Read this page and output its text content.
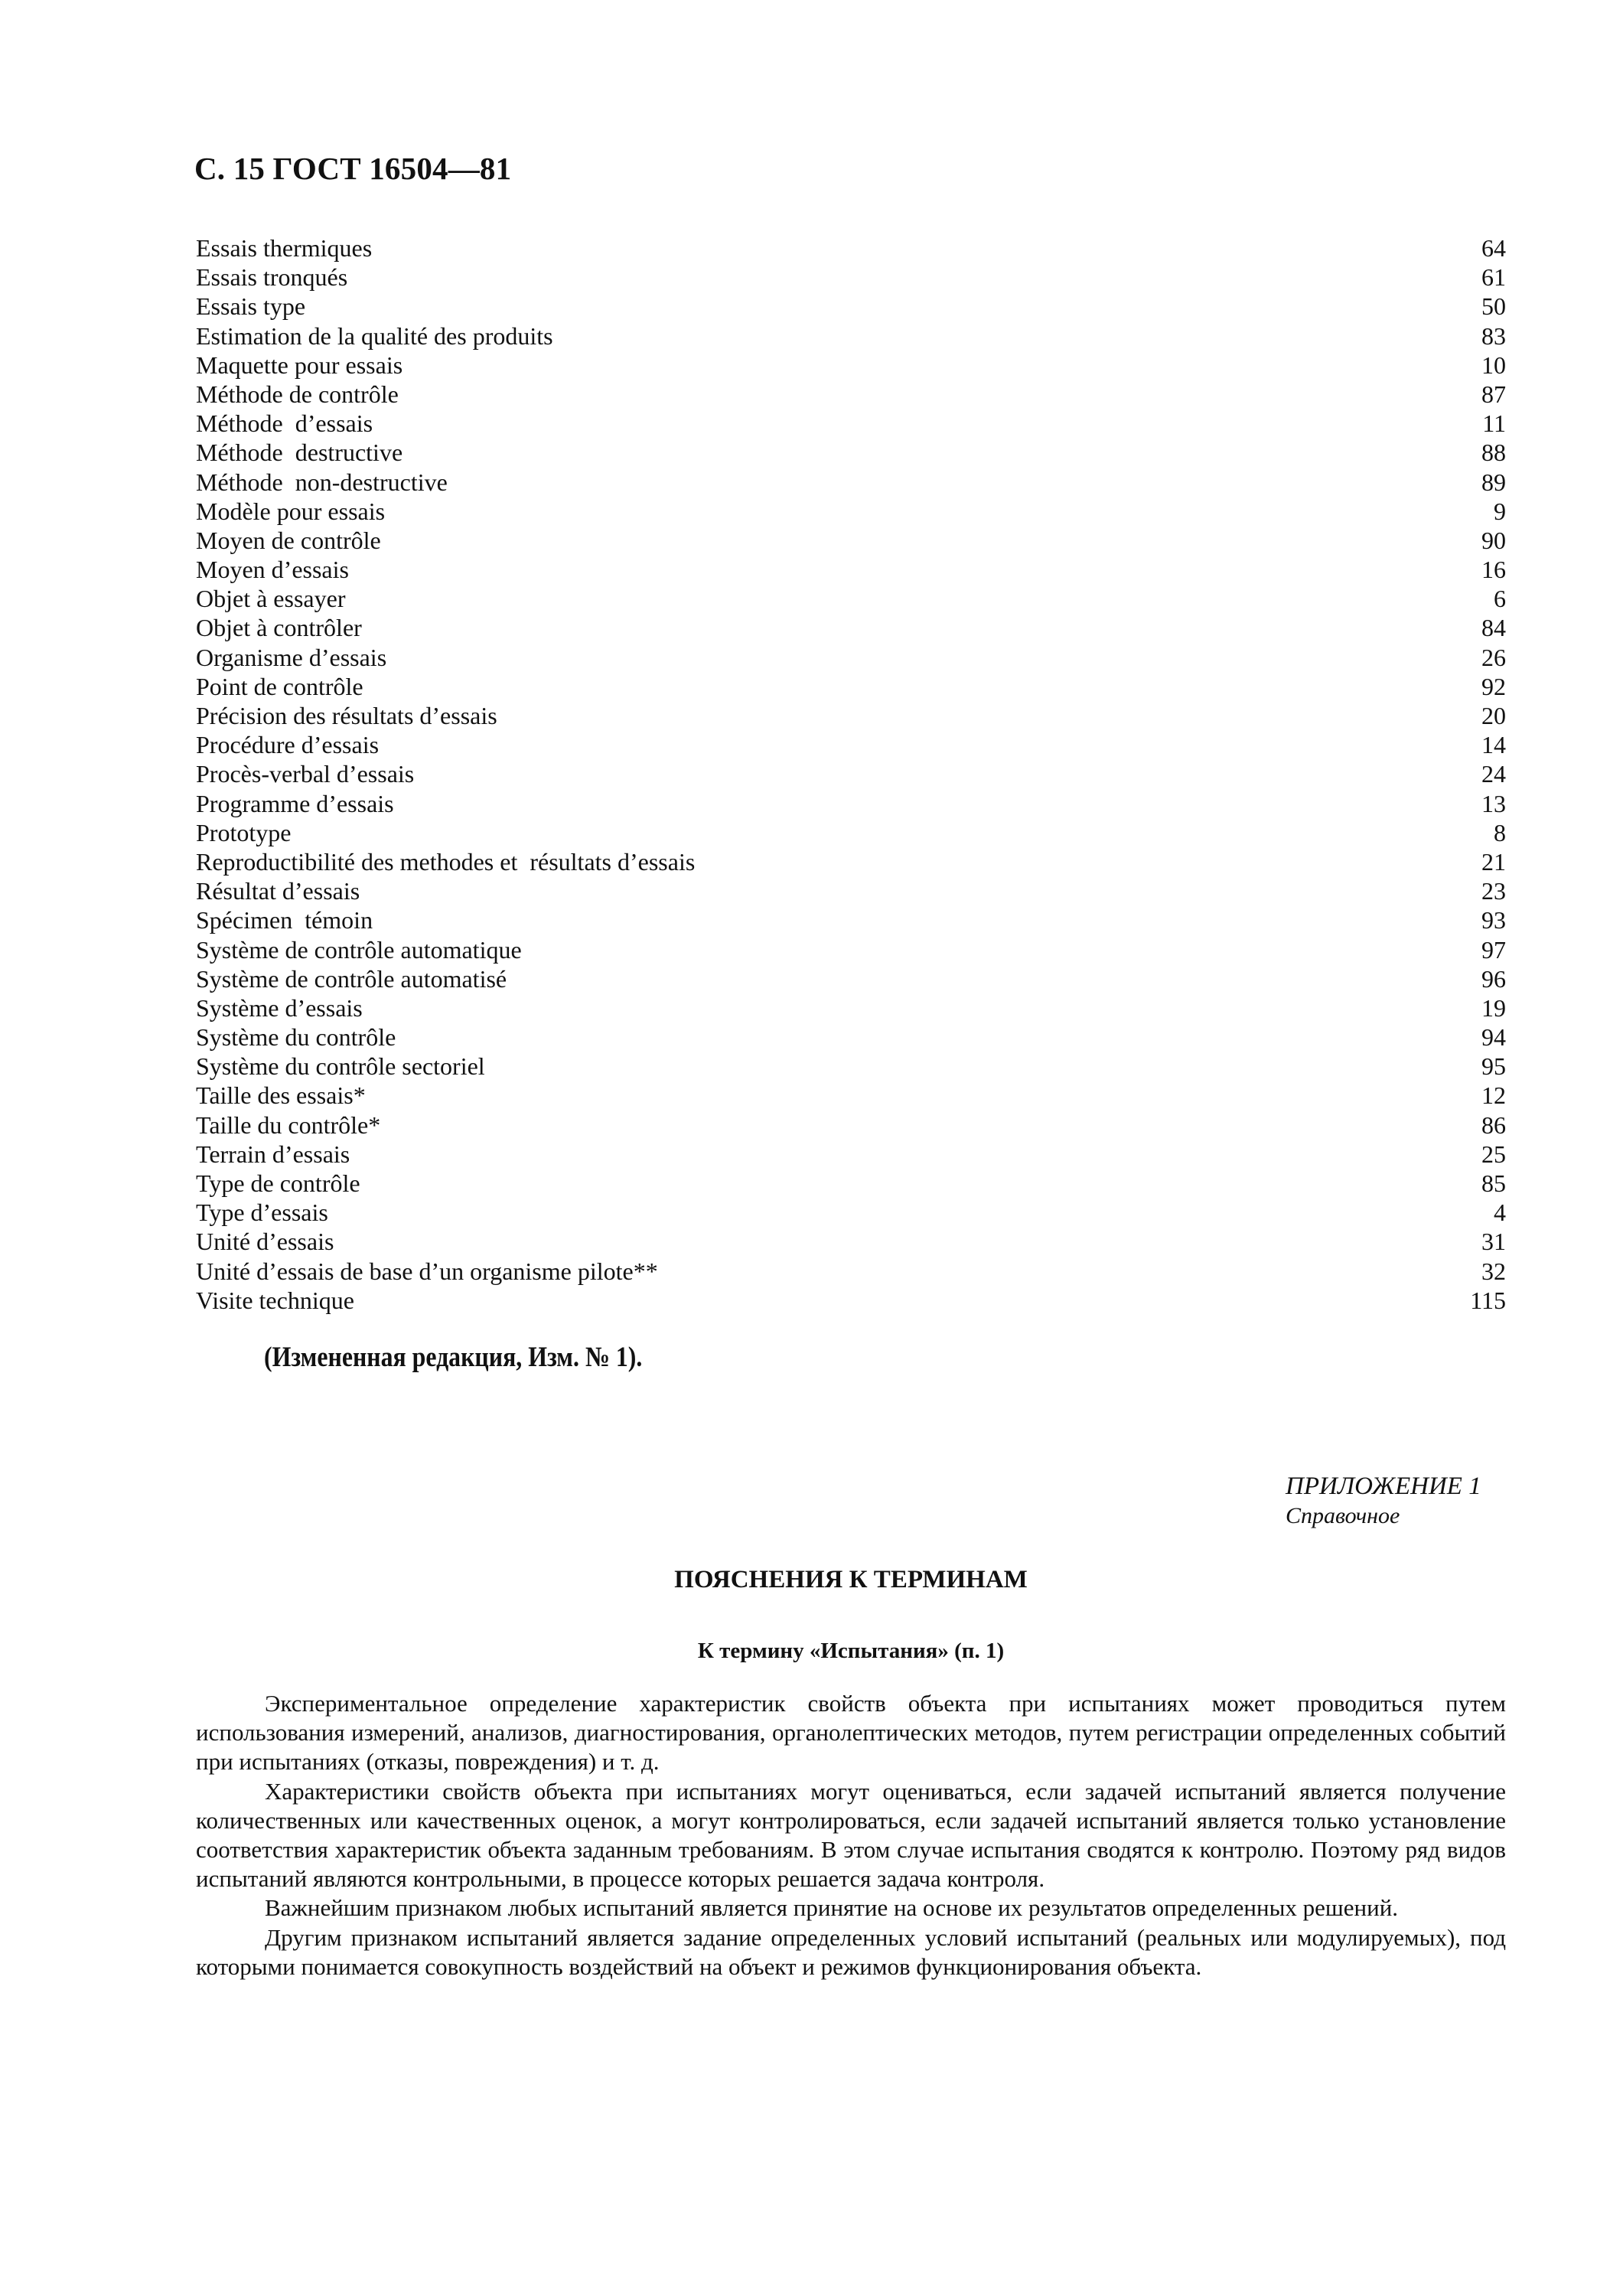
С. 15 ГОСТ 16504—81
Essais thermiques	64
Essais tronqués	61
Essais type	50
Estimation de la qualité des produits	83
Maquette pour essais	10
Méthode de contrôle	87
Méthode  d’essais	11
Méthode  destructive	88
Méthode  non-destructive	89
Modèle pour essais	9
Moyen de contrôle	90
Moyen d’essais	16
Objet à essayer	6
Objet à contrôler	84
Organisme d’essais	26
Point de contrôle	92
Précision des résultats d’essais	20
Procédure d’essais	14
Procès-verbal d’essais	24
Programme d’essais	13
Prototype	8
Reproductibilité des methodes et  résultats d’essais	21
Résultat d’essais	23
Spécimen  témoin	93
Système de contrôle automatique	97
Système de contrôle automatisé	96
Système d’essais	19
Système du contrôle	94
Système du contrôle sectoriel	95
Taille des essais*	12
Taille du contrôle*	86
Terrain d’essais	25
Type de contrôle	85
Type d’essais	4
Unité d’essais	31
Unité d’essais de base d’un organisme pilote**	32
Visite technique	115
(Измененная редакция, Изм. № 1).
ПРИЛОЖЕНИЕ 1
Справочное
ПОЯСНЕНИЯ К ТЕРМИНАМ
К термину «Испытания» (п. 1)

Экспериментальное определение характеристик свойств объекта при испытаниях может проводиться путем использования измерений, анализов, диагностирования, органолептических методов, путем регистрации определенных событий при испытаниях (отказы, повреждения) и т. д.

Характеристики свойств объекта при испытаниях могут оцениваться, если задачей испытаний является получение количественных или качественных оценок, а могут контролироваться, если задачей испытаний является только установление соответствия характеристик объекта заданным требованиям. В этом случае испытания сводятся к контролю. Поэтому ряд видов испытаний являются контрольными, в процессе которых решается задача контроля.

Важнейшим признаком любых испытаний является принятие на основе их результатов определенных решений.

Другим признаком испытаний является задание определенных условий испытаний (реальных или модулируемых), под которыми понимается совокупность воздействий на объект и режимов функционирования объекта.
